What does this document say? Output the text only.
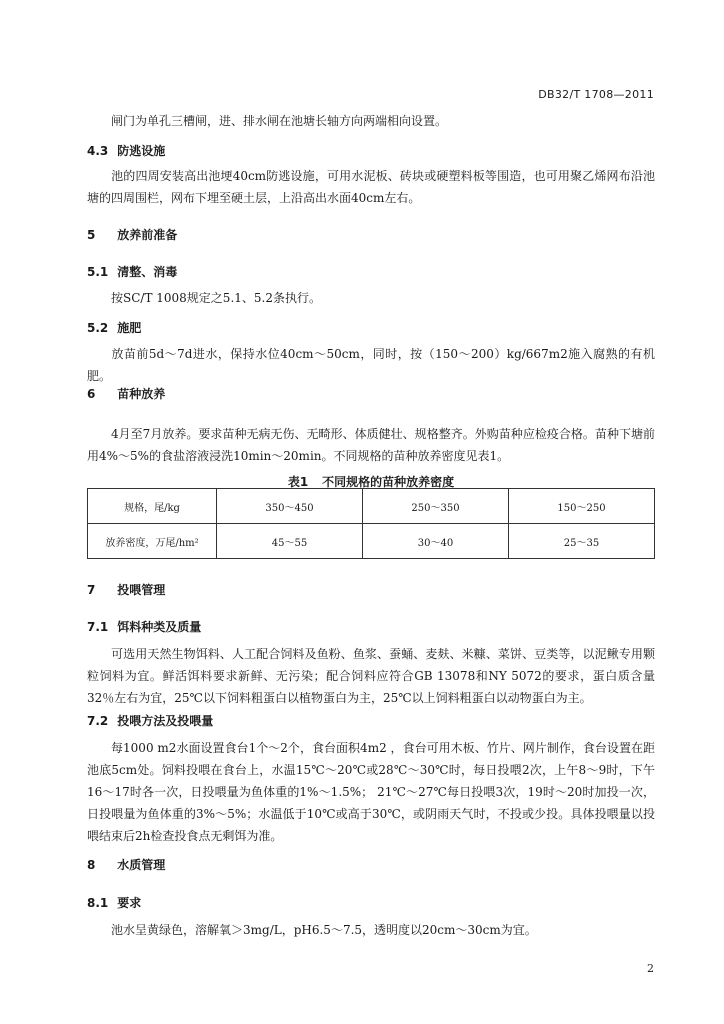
DB32/T 1708—2011
闸门为单孔三槽闸，进、排水闸在池塘长轴方向两端相向设置。
4.3 防逃设施
池的四周安装高出池埂40cm防逃设施，可用水泥板、砖块或硬塑料板等围造，也可用聚乙烯网布沿池塘的四周围栏，网布下埋至硬土层，上沿高出水面40cm左右。
5 放养前准备
5.1 清整、消毒
按SC/T 1008规定之5.1、5.2条执行。
5.2 施肥
放苗前5d～7d进水，保持水位40cm～50cm，同时，按（150～200）kg/667m2施入腐熟的有机肥。
6 苗种放养
4月至7月放养。要求苗种无病无伤、无畸形、体质健壮、规格整齐。外购苗种应检疫合格。苗种下塘前用4%～5%的食盐溶液浸洗10min～20min。不同规格的苗种放养密度见表1。
表1 不同规格的苗种放养密度
规格，尾/kg	350～450	250～350	150～250
放养密度，万尾/hm²	45～55	30～40	25～35
7 投喂管理
7.1 饵料种类及质量
可选用天然生物饵料、人工配合饲料及鱼粉、鱼浆、蚕蛹、麦麸、米糠、菜饼、豆类等，以泥鳅专用颗粒饲料为宜。鲜活饵料要求新鲜、无污染；配合饲料应符合GB 13078和NY 5072的要求，蛋白质含量32％左右为宜，25℃以下饲料粗蛋白以植物蛋白为主，25℃以上饲料粗蛋白以动物蛋白为主。
7.2 投喂方法及投喂量
每1000 m2水面设置食台1个～2个，食台面积4m2 ，食台可用木板、竹片、网片制作，食台设置在距池底5cm处。饲料投喂在食台上，水温15℃～20℃或28℃～30℃时，每日投喂2次，上午8～9时，下午16～17时各一次，日投喂量为鱼体重的1%～1.5%； 21℃～27℃每日投喂3次，19时～20时加投一次，日投喂量为鱼体重的3%～5%；水温低于10℃或高于30℃，或阴雨天气时，不投或少投。具体投喂量以投喂结束后2h检查投食点无剩饵为准。
8 水质管理
8.1 要求
池水呈黄绿色，溶解氧＞3mg/L，pH6.5～7.5，透明度以20cm～30cm为宜。
2
